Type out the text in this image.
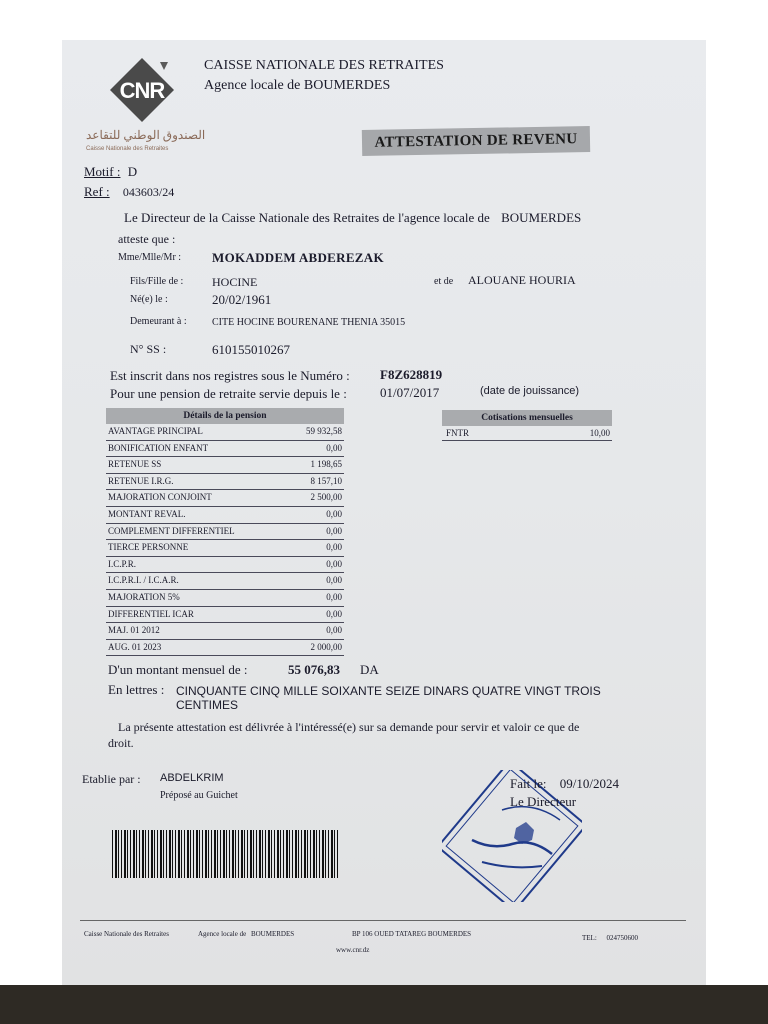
CNR
الصندوق الوطني للتقاعد
Caisse Nationale des Retraites
CAISSE NATIONALE DES RETRAITES
Agence locale de BOUMERDES
ATTESTATION DE REVENU
Motif : D
Ref : 043603/24
Le Directeur de la Caisse Nationale des Retraites de l'agence locale de BOUMERDES
atteste que :
Mme/Mlle/Mr : MOKADDEM ABDEREZAK
Fils/Fille de : HOCINE	et de ALOUANE HOURIA
Né(e) le :	20/02/1961
Demeurant à :	CITE HOCINE BOURENANE THENIA 35015
N° SS :	610155010267
Est inscrit dans nos registres sous le Numéro : F8Z628819
Pour une pension de retraite servie depuis le :	01/07/2017	(date de jouissance)
Détails de la pension
AVANTAGE PRINCIPAL	59 932,58
BONIFICATION ENFANT	0,00
RETENUE SS	1 198,65
RETENUE I.R.G.	8 157,10
MAJORATION CONJOINT	2 500,00
MONTANT REVAL.	0,00
COMPLEMENT DIFFERENTIEL	0,00
TIERCE PERSONNE	0,00
I.C.P.R.	0,00
I.C.P.R.I. / I.C.A.R.	0,00
MAJORATION 5%	0,00
DIFFERENTIEL ICAR	0,00
MAJ. 01 2012	0,00
AUG. 01 2023	2 000,00
Cotisations mensuelles
FNTR	10,00
D'un montant mensuel de :	55 076,83 DA
En lettres : CINQUANTE CINQ MILLE SOIXANTE SEIZE DINARS QUATRE VINGT TROIS
CENTIMES
La présente attestation est délivrée à l'intéressé(e) sur sa demande pour servir et valoir ce que de
droit.
Etablie par : ABDELKRIM
Préposé au Guichet
Fait le: 09/10/2024
Le Directeur
Caisse Nationale des Retraites	Agence locale de BOUMERDES	BP 106 OUED TATAREG BOUMERDES	TEL: 024750600
www.cnr.dz
